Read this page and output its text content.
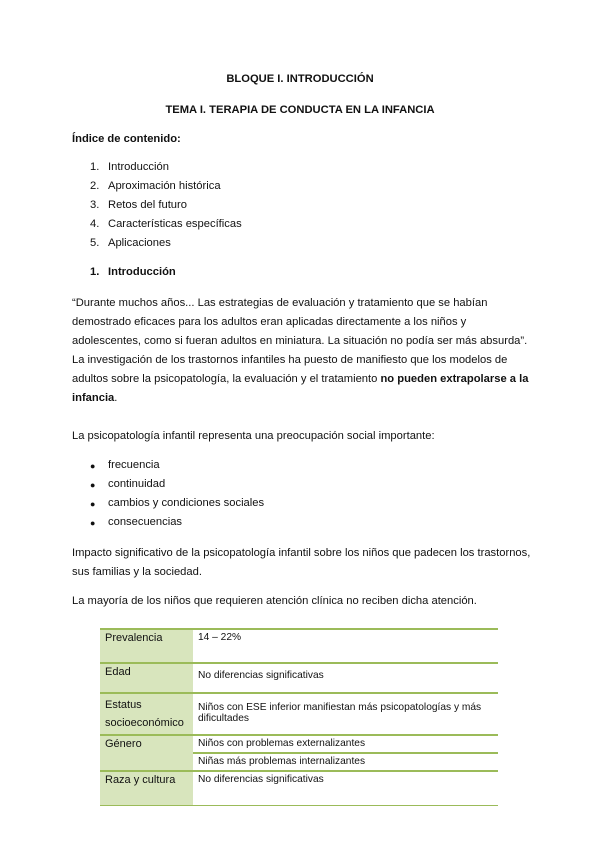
BLOQUE I. INTRODUCCIÓN
TEMA I. TERAPIA DE CONDUCTA EN LA INFANCIA
Índice de contenido:
1. Introducción
2. Aproximación histórica
3. Retos del futuro
4. Características específicas
5. Aplicaciones
1. Introducción
“Durante muchos años... Las estrategias de evaluación y tratamiento que se habían demostrado eficaces para los adultos eran aplicadas directamente a los niños y adolescentes, como si fueran adultos en miniatura. La situación no podía ser más absurda”.
La investigación de los trastornos infantiles ha puesto de manifiesto que los modelos de adultos sobre la psicopatología, la evaluación y el tratamiento no pueden extrapolarse a la infancia.
La psicopatología infantil representa una preocupación social importante:
● frecuencia
● continuidad
● cambios y condiciones sociales
● consecuencias
Impacto significativo de la psicopatología infantil sobre los niños que padecen los trastornos, sus familias y la sociedad.
La mayoría de los niños que requieren atención clínica no reciben dicha atención.
Prevalencia	14 – 22%
Edad	No diferencias significativas
Estatus socioeconómico	Niños con ESE inferior manifiestan más psicopatologías y más dificultades
Género	Niños con problemas externalizantes
	Niñas más problemas internalizantes
Raza y cultura	No diferencias significativas
